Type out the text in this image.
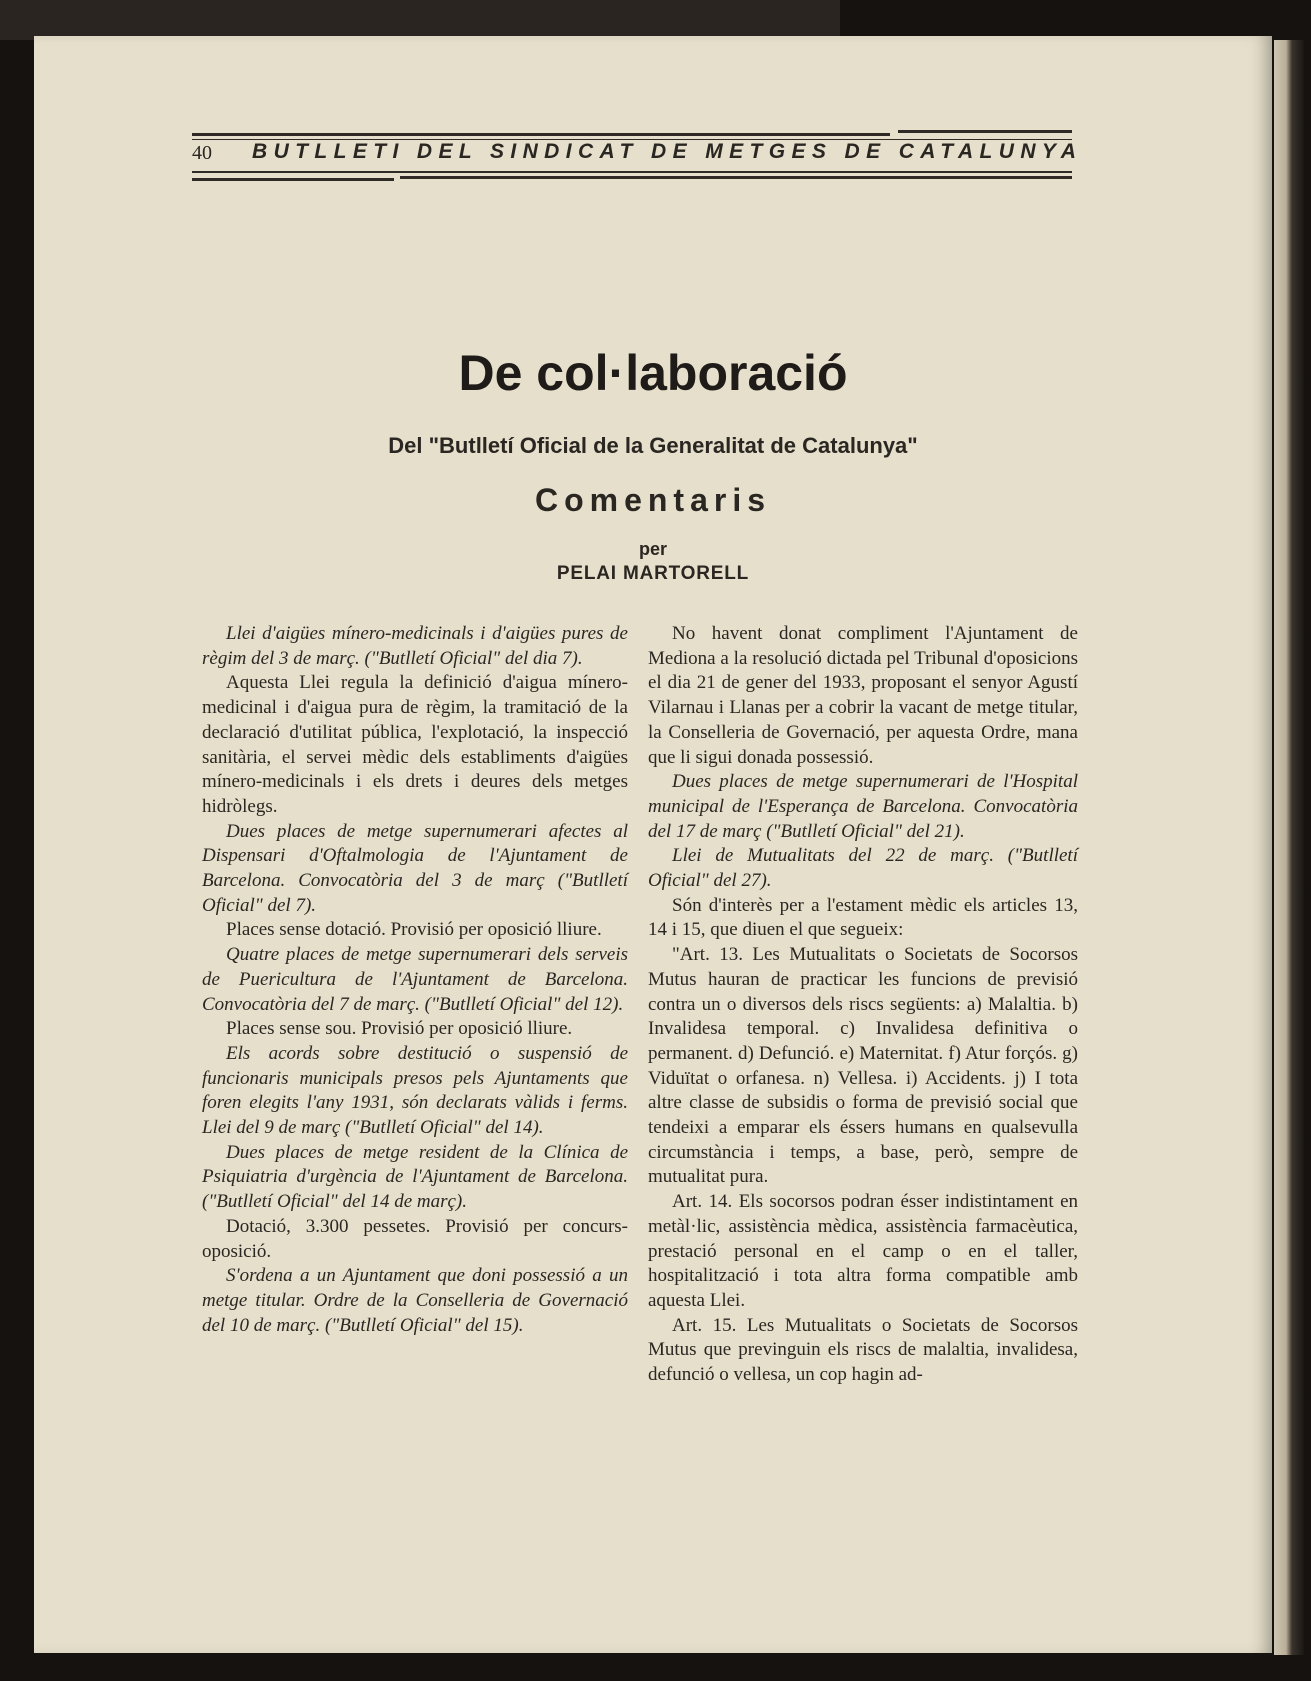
40 BUTLLETI DEL SINDICAT DE METGES DE CATALUNYA
De col·laboració
Del "Butlletí Oficial de la Generalitat de Catalunya"
Comentaris
per
PELAI MARTORELL

Llei d'aigües mínero-medicinals i d'aigües pures de règim del 3 de març. ("Butlletí Oficial" del dia 7).

Aquesta Llei regula la definició d'aigua mínero-medicinal i d'aigua pura de règim, la tramitació de la declaració d'utilitat pública, l'explotació, la inspecció sanitària, el servei mèdic dels establiments d'aigües mínero-medicinals i els drets i deures dels metges hidròlegs.

Dues places de metge supernumerari afectes al Dispensari d'Oftalmologia de l'Ajuntament de Barcelona. Convocatòria del 3 de març ("Butlletí Oficial" del 7).

Places sense dotació. Provisió per oposició lliure.

Quatre places de metge supernumerari dels serveis de Puericultura de l'Ajuntament de Barcelona. Convocatòria del 7 de març. ("Butlletí Oficial" del 12).

Places sense sou. Provisió per oposició lliure.

Els acords sobre destitució o suspensió de funcionaris municipals presos pels Ajuntaments que foren elegits l'any 1931, són declarats vàlids i ferms. Llei del 9 de març ("Butlletí Oficial" del 14).

Dues places de metge resident de la Clínica de Psiquiatria d'urgència de l'Ajuntament de Barcelona. ("Butlletí Oficial" del 14 de març).

Dotació, 3.300 pessetes. Provisió per concurs-oposició.

S'ordena a un Ajuntament que doni possessió a un metge titular. Ordre de la Conselleria de Governació del 10 de març. ("Butlletí Oficial" del 15).

No havent donat compliment l'Ajuntament de Mediona a la resolució dictada pel Tribunal d'oposicions el dia 21 de gener del 1933, proposant el senyor Agustí Vilarnau i Llanas per a cobrir la vacant de metge titular, la Conselleria de Governació, per aquesta Ordre, mana que li sigui donada possessió.

Dues places de metge supernumerari de l'Hospital municipal de l'Esperança de Barcelona. Convocatòria del 17 de març ("Butlletí Oficial" del 21).

Llei de Mutualitats del 22 de març. ("Butlletí Oficial" del 27).

Són d'interès per a l'estament mèdic els articles 13, 14 i 15, que diuen el que segueix:

"Art. 13. Les Mutualitats o Societats de Socorsos Mutus hauran de practicar les funcions de previsió contra un o diversos dels riscs següents: a) Malaltia. b) Invalidesa temporal. c) Invalidesa definitiva o permanent. d) Defunció. e) Maternitat. f) Atur forçós. g) Viduïtat o orfanesa. n) Vellesa. i) Accidents. j) I tota altre classe de subsidis o forma de previsió social que tendeixi a emparar els éssers humans en qualsevulla circumstància i temps, a base, però, sempre de mutualitat pura.

Art. 14. Els socorsos podran ésser indistintament en metàl·lic, assistència mèdica, assistència farmacèutica, prestació personal en el camp o en el taller, hospitalització i tota altra forma compatible amb aquesta Llei.

Art. 15. Les Mutualitats o Societats de Socorsos Mutus que previnguin els riscs de malaltia, invalidesa, defunció o vellesa, un cop hagin ad-
